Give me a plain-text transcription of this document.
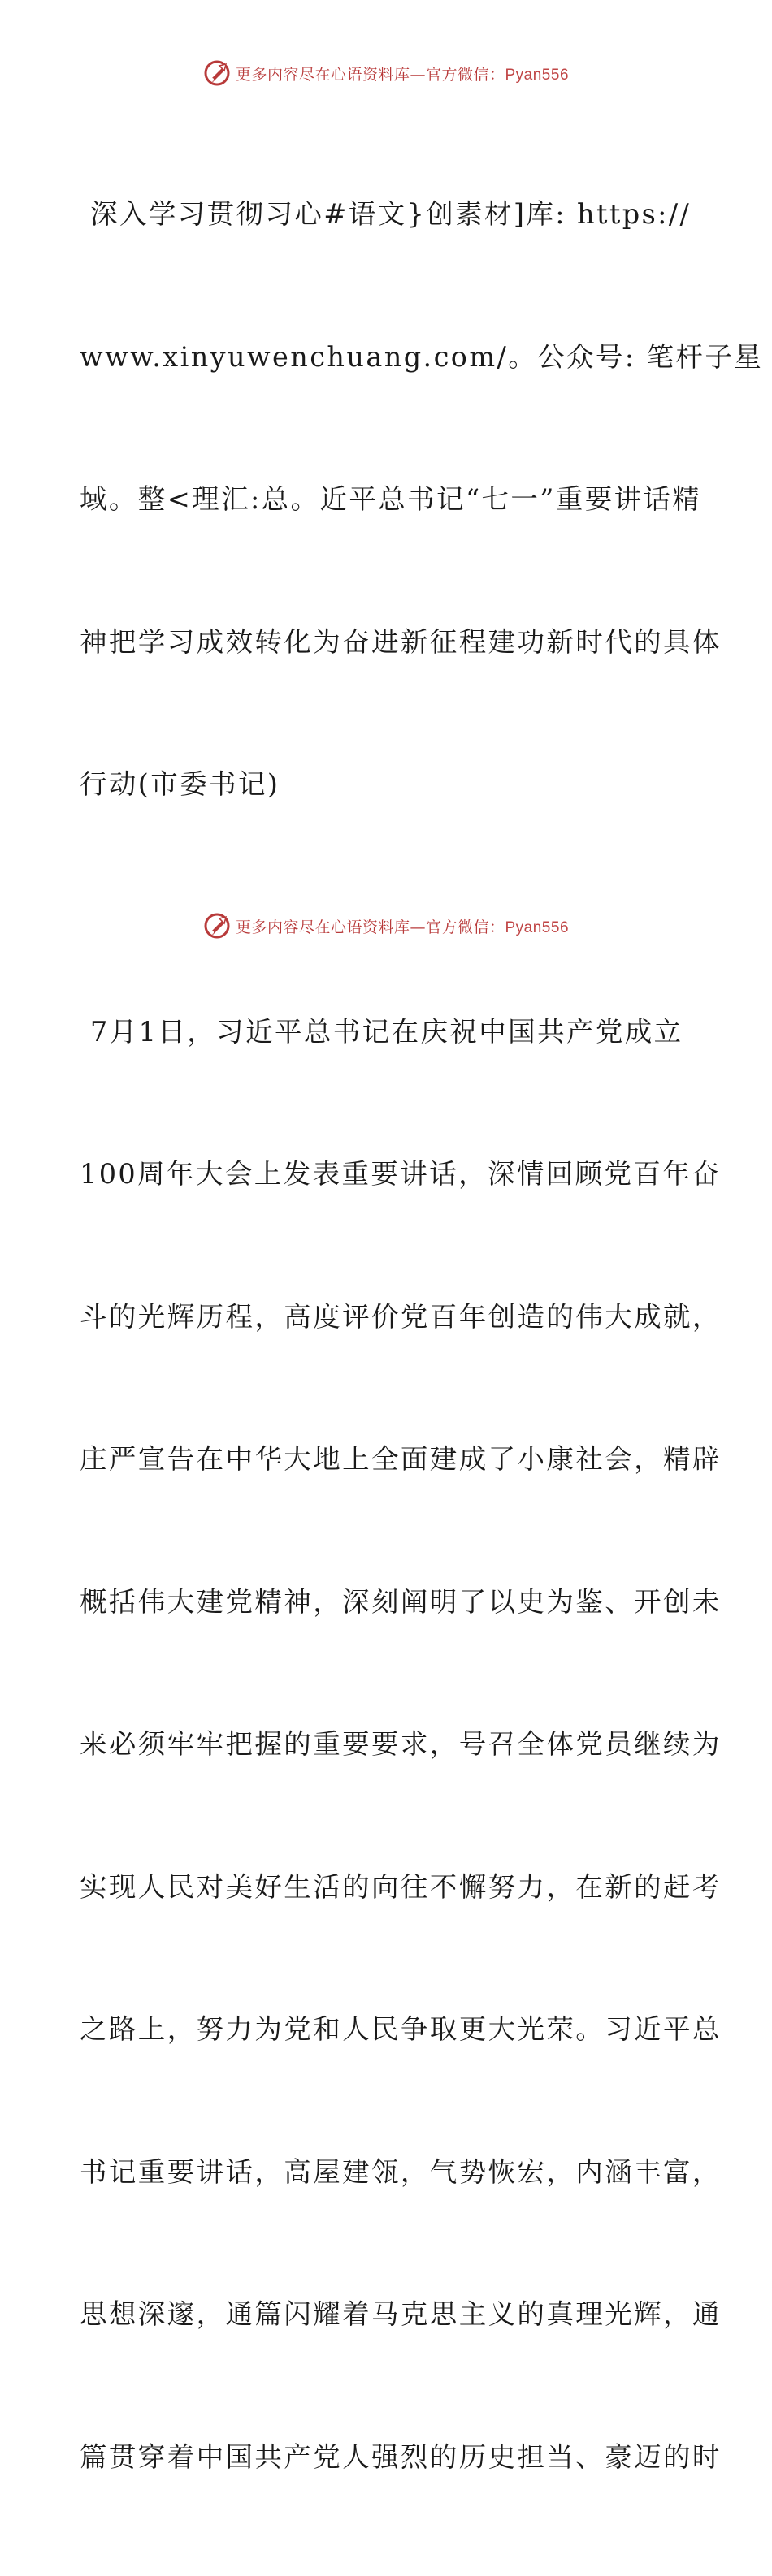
更多内容尽在心语资料库—官方微信：Pyan556

深入学习贯彻习心#语文}创素材]库: https://

www.xinyuwenchuang.com/。公众号: 笔杆子星

域。整<理汇:总。近平总书记“七一”重要讲话精

神把学习成效转化为奋进新征程建功新时代的具体

行动(市委书记)

7月1日，习近平总书记在庆祝中国共产党成立

100周年大会上发表重要讲话，深情回顾党百年奋

斗的光辉历程，高度评价党百年创造的伟大成就，

庄严宣告在中华大地上全面建成了小康社会，精辟

概括伟大建党精神，深刻阐明了以史为鉴、开创未

来必须牢牢把握的重要要求，号召全体党员继续为

实现人民对美好生活的向往不懈努力，在新的赶考

之路上，努力为党和人民争取更大光荣。习近平总

书记重要讲话，高屋建瓴，气势恢宏，内涵丰富，

思想深邃，通篇闪耀着马克思主义的真理光辉，通

篇贯穿着中国共产党人强烈的历史担当、豪迈的时

更多内容尽在心语资料库—官方微信：Pyan556
